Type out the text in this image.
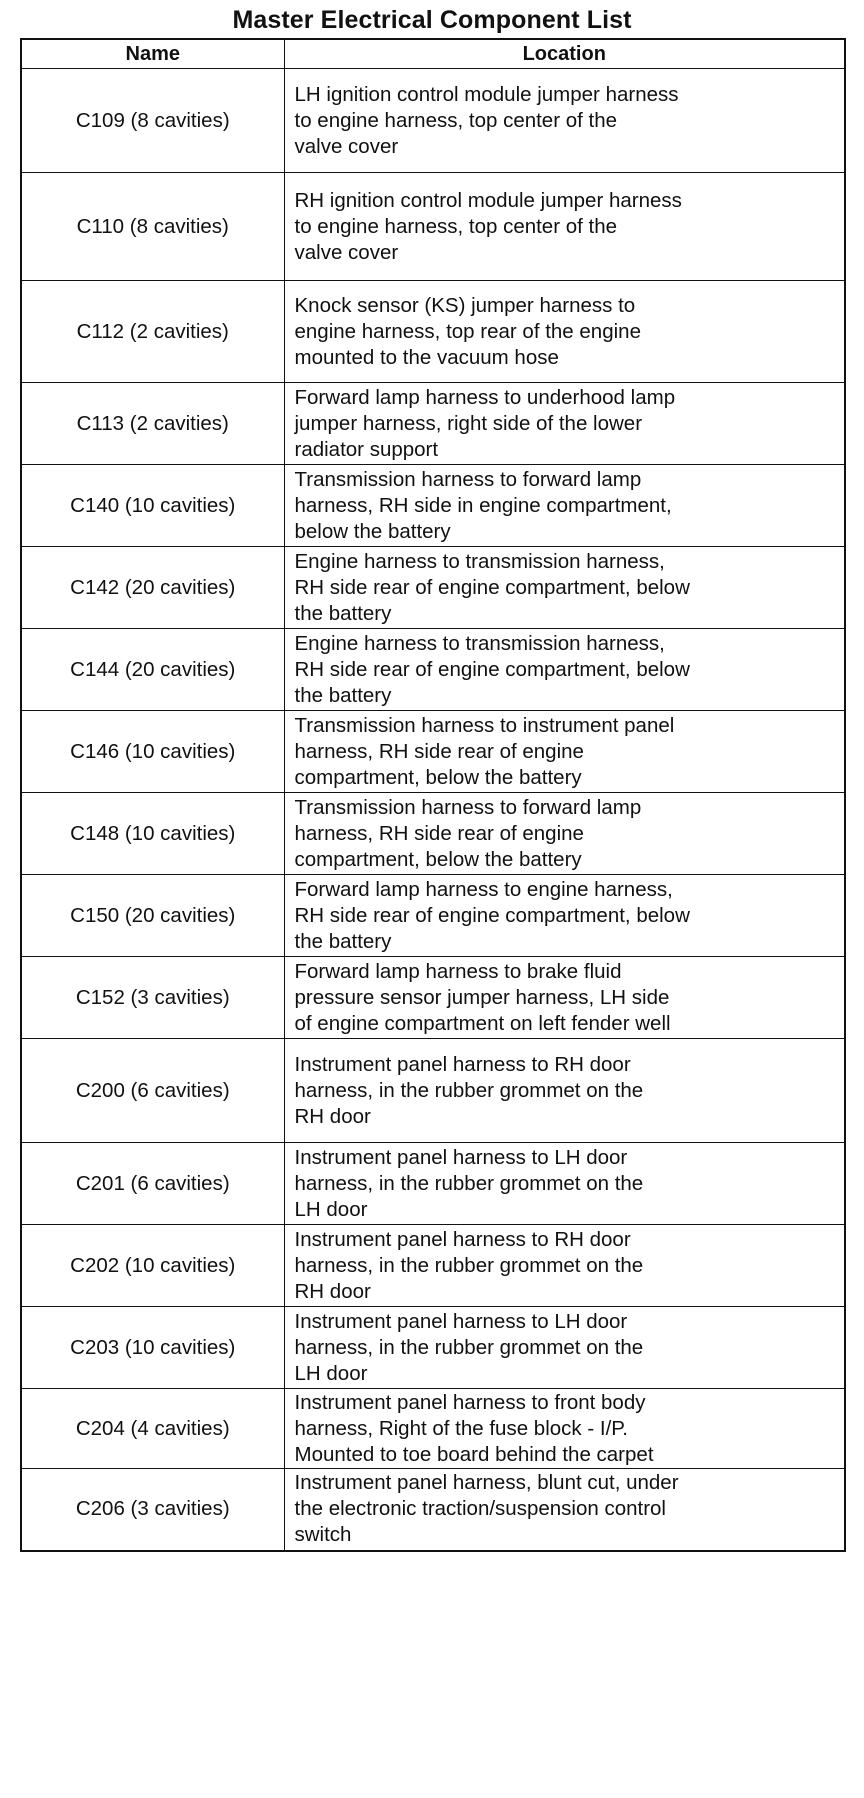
Master Electrical Component List
Name	Location
C109 (8 cavities)	LH ignition control module jumper harness
to engine harness, top center of the
valve cover

C110 (8 cavities)	RH ignition control module jumper harness
to engine harness, top center of the
valve cover

C112 (2 cavities)	Knock sensor (KS) jumper harness to
engine harness, top rear of the engine
mounted to the vacuum hose

C113 (2 cavities)	Forward lamp harness to underhood lamp
jumper harness, right side of the lower
radiator support

C140 (10 cavities)	Transmission harness to forward lamp
harness, RH side in engine compartment,
below the battery

C142 (20 cavities)	Engine harness to transmission harness,
RH side rear of engine compartment, below
the battery

C144 (20 cavities)	Engine harness to transmission harness,
RH side rear of engine compartment, below
the battery

C146 (10 cavities)	Transmission harness to instrument panel
harness, RH side rear of engine
compartment, below the battery

C148 (10 cavities)	Transmission harness to forward lamp
harness, RH side rear of engine
compartment, below the battery

C150 (20 cavities)	Forward lamp harness to engine harness,
RH side rear of engine compartment, below
the battery

C152 (3 cavities)	Forward lamp harness to brake fluid
pressure sensor jumper harness, LH side
of engine compartment on left fender well

C200 (6 cavities)	Instrument panel harness to RH door
harness, in the rubber grommet on the
RH door

C201 (6 cavities)	Instrument panel harness to LH door
harness, in the rubber grommet on the
LH door

C202 (10 cavities)	Instrument panel harness to RH door
harness, in the rubber grommet on the
RH door

C203 (10 cavities)	Instrument panel harness to LH door
harness, in the rubber grommet on the
LH door

C204 (4 cavities)	Instrument panel harness to front body
harness, Right of the fuse block - I/P.
Mounted to toe board behind the carpet

C206 (3 cavities)	Instrument panel harness, blunt cut, under
the electronic traction/suspension control
switch
